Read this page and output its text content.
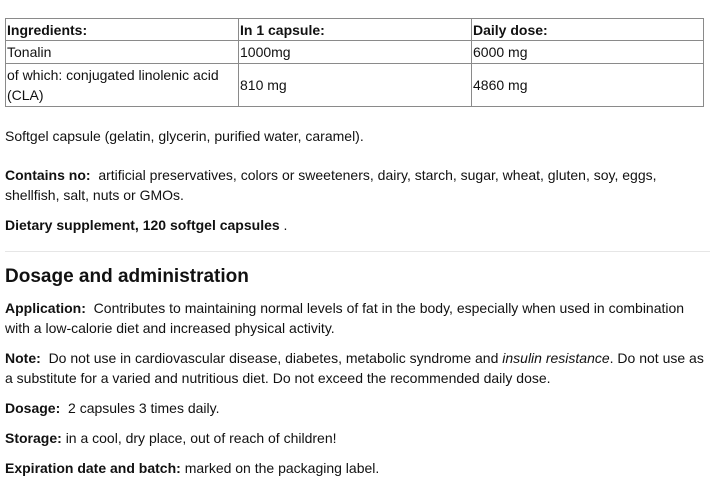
Ingredients:	In 1 capsule:	Daily dose:
Tonalin	1000mg	6000 mg
of which: conjugated linolenic acid (CLA)	810 mg	4860 mg

Softgel capsule (gelatin, glycerin, purified water, caramel).

Contains no: artificial preservatives, colors or sweeteners, dairy, starch, sugar, wheat, gluten, soy, eggs, shellfish, salt, nuts or GMOs.

Dietary supplement, 120 softgel capsules .

Dosage and administration

Application: Contributes to maintaining normal levels of fat in the body, especially when used in combination with a low-calorie diet and increased physical activity.

Note: Do not use in cardiovascular disease, diabetes, metabolic syndrome and insulin resistance. Do not use as a substitute for a varied and nutritious diet. Do not exceed the recommended daily dose.

Dosage: 2 capsules 3 times daily.

Storage: in a cool, dry place, out of reach of children!

Expiration date and batch: marked on the packaging label.
